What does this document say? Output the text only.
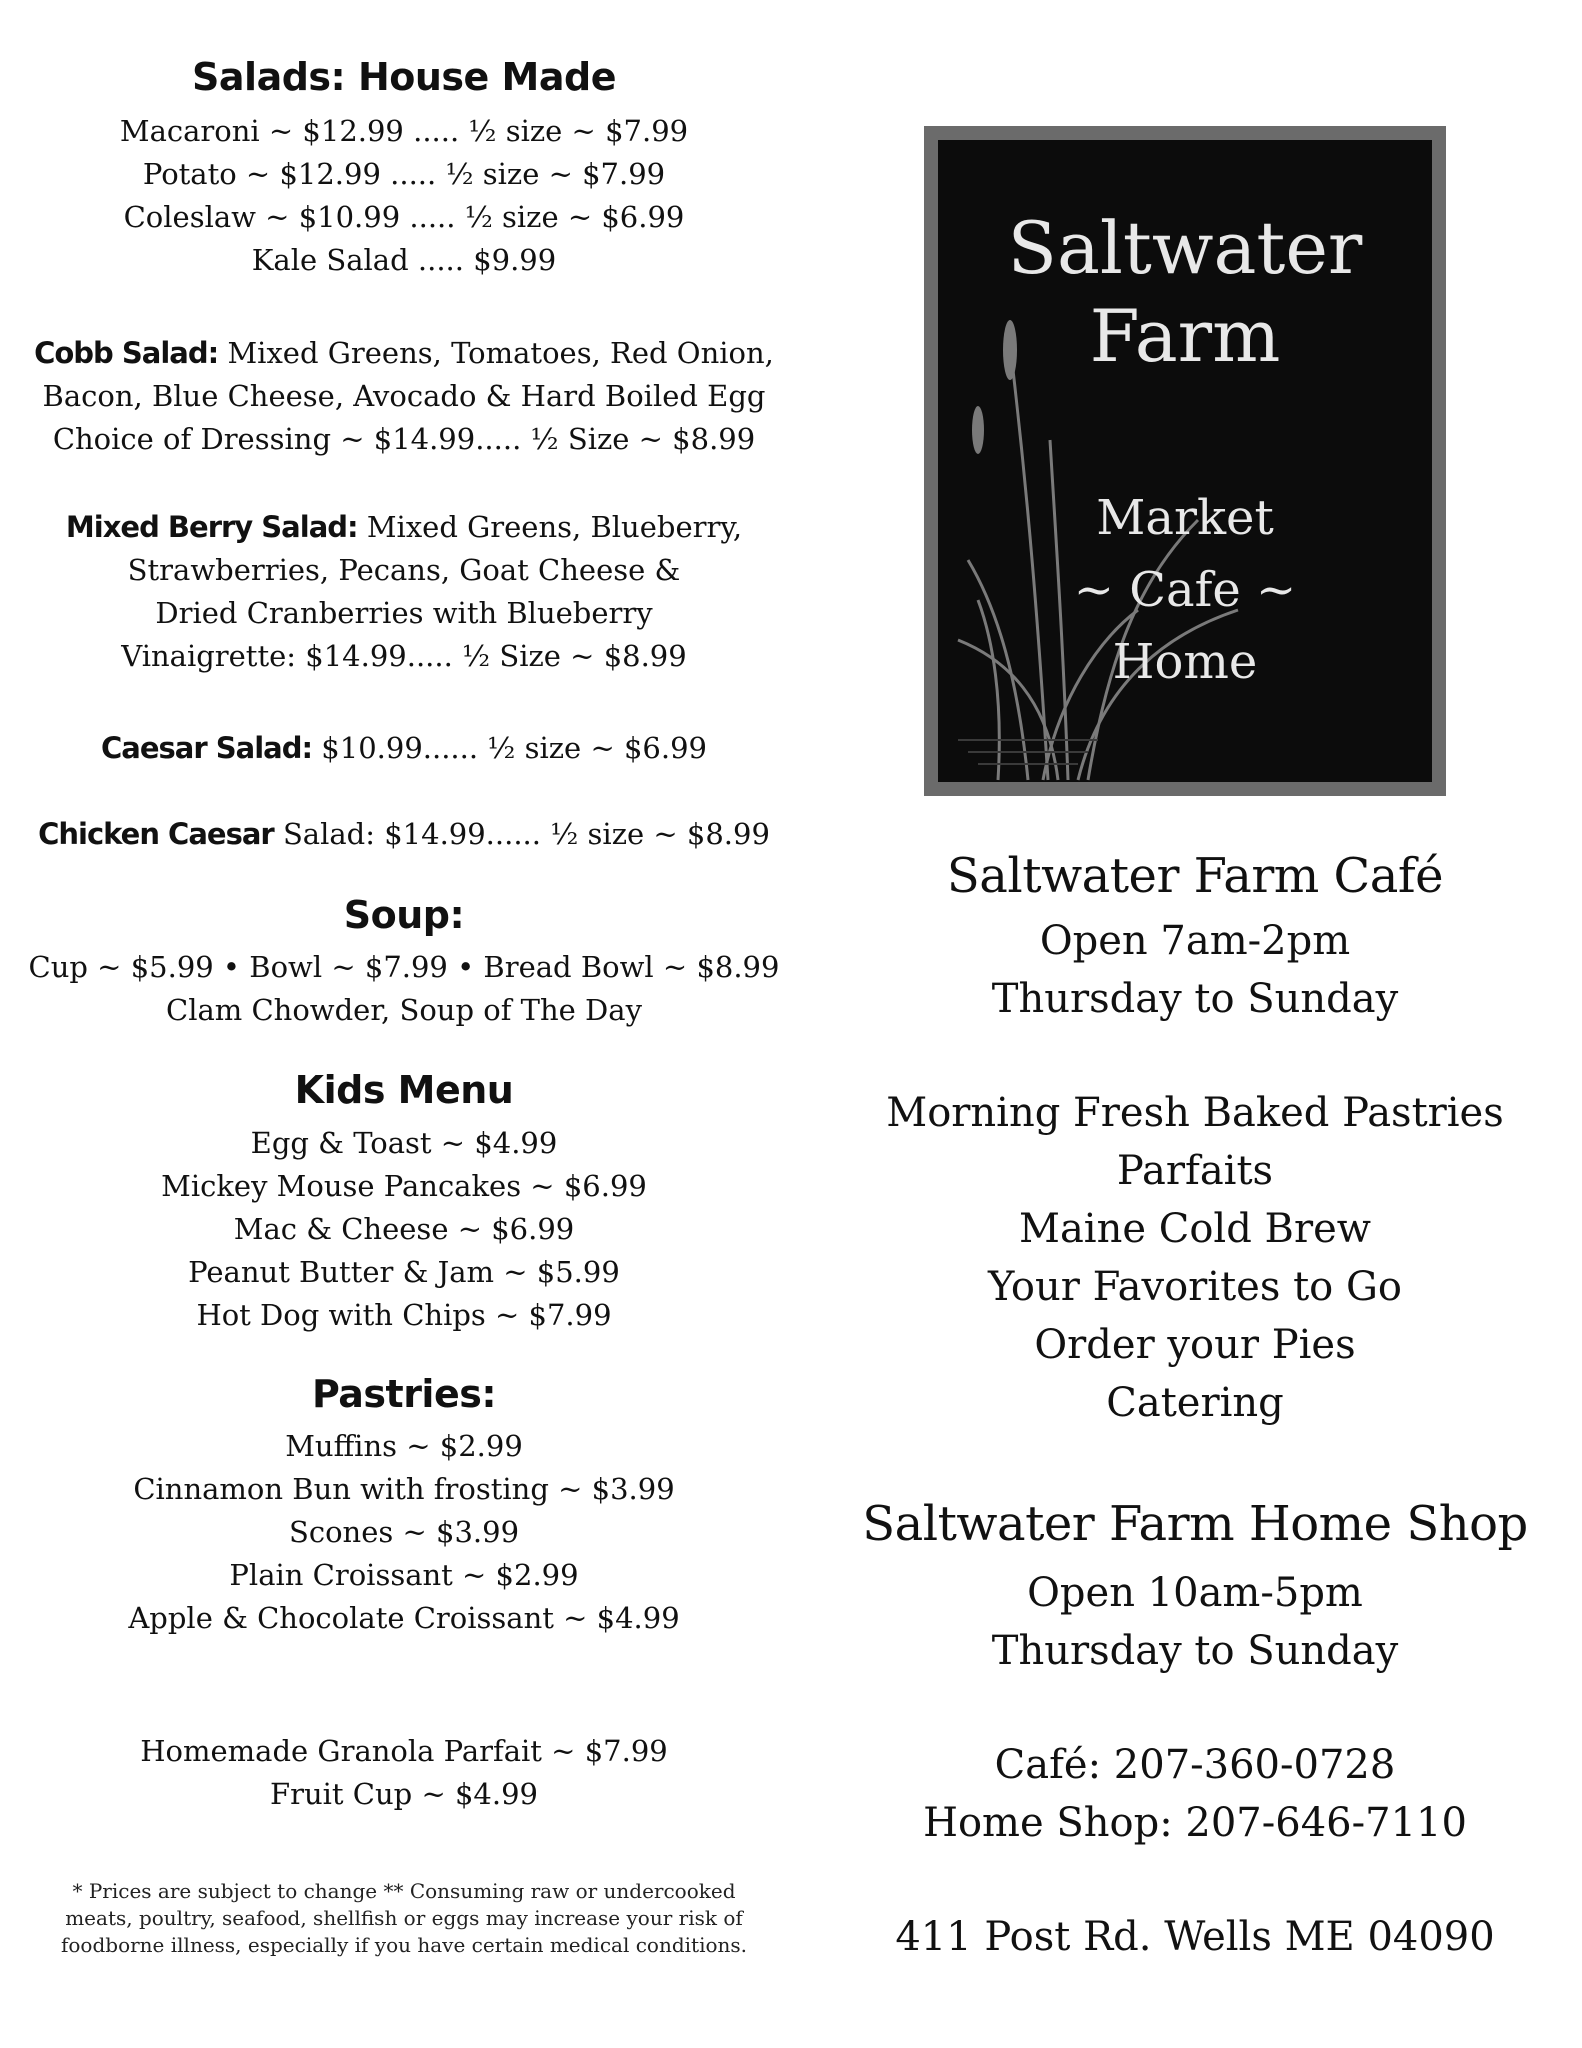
Salads: House Made
Macaroni ~ $12.99 ..... ½ size ~ $7.99
Potato ~ $12.99 ..... ½ size ~ $7.99
Coleslaw ~ $10.99 ..... ½ size ~ $6.99
Kale Salad ..... $9.99
Cobb Salad: Mixed Greens, Tomatoes, Red Onion,
Bacon, Blue Cheese, Avocado & Hard Boiled Egg
Choice of Dressing ~ $14.99..... ½ Size ~ $8.99
Mixed Berry Salad: Mixed Greens, Blueberry,
Strawberries, Pecans, Goat Cheese &
Dried Cranberries with Blueberry
Vinaigrette: $14.99..... ½ Size ~ $8.99
Caesar Salad: $10.99...... ½ size ~ $6.99
Chicken Caesar Salad: $14.99...... ½ size ~ $8.99
Soup:
Cup ~ $5.99 • Bowl ~ $7.99 • Bread Bowl ~ $8.99
Clam Chowder, Soup of The Day
Kids Menu
Egg & Toast ~ $4.99
Mickey Mouse Pancakes ~ $6.99
Mac & Cheese ~ $6.99
Peanut Butter & Jam ~ $5.99
Hot Dog with Chips ~ $7.99
Pastries:
Muffins ~ $2.99
Cinnamon Bun with frosting ~ $3.99
Scones ~ $3.99
Plain Croissant ~ $2.99
Apple & Chocolate Croissant ~ $4.99
Homemade Granola Parfait ~ $7.99
Fruit Cup ~ $4.99
* Prices are subject to change ** Consuming raw or undercooked
meats, poultry, seafood, shellfish or eggs may increase your risk of
foodborne illness, especially if you have certain medical conditions.
Saltwater
Farm
Market
~ Cafe ~
Home
Saltwater Farm Café
Open 7am-2pm
Thursday to Sunday
Morning Fresh Baked Pastries
Parfaits
Maine Cold Brew
Your Favorites to Go
Order your Pies
Catering
Saltwater Farm Home Shop
Open 10am-5pm
Thursday to Sunday
Café: 207-360-0728
Home Shop: 207-646-7110
411 Post Rd. Wells ME 04090
